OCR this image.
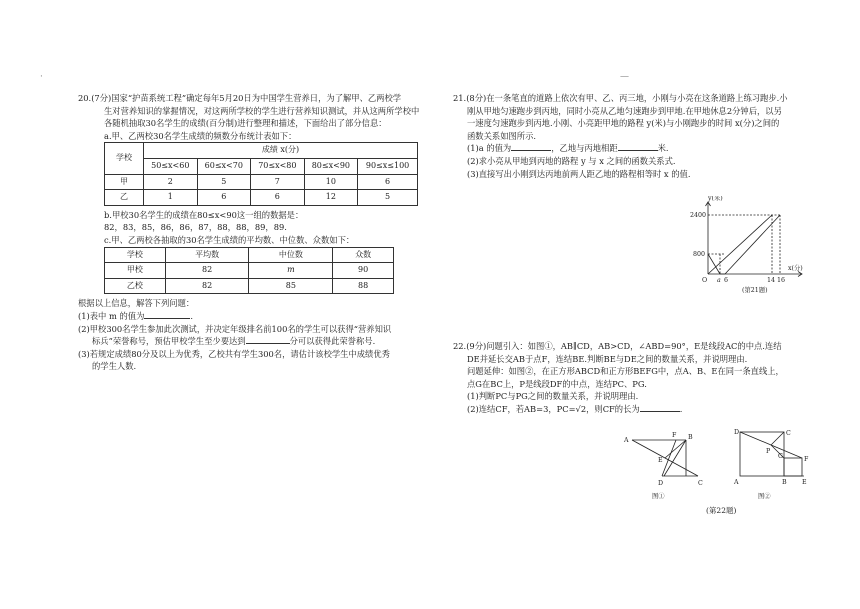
·	—

20.(7分)国家“护苗系统工程”确定每年5月20日为中国学生营养日，为了解甲、乙两校学

生对营养知识的掌握情况，对这两所学校的学生进行营养知识测试，并从这两所学校中

各随机抽取30名学生的成绩(百分制)进行整理和描述，下面给出了部分信息：

a.甲、乙两校30名学生成绩的频数分布统计表如下：

学校	成绩 x(分)				
	50≤x<60	60≤x<70	70≤x<80	80≤x<90	90≤x≤100
甲	2	5	7	10	6
乙	1	6	6	12	5

b.甲校30名学生的成绩在80≤x<90这一组的数据是：

82，83，85，86，86，87，88，88，89，89.

c.甲、乙两校各抽取的30名学生成绩的平均数、中位数、众数如下：

学校	平均数	中位数	众数
甲校	82	m	90
乙校	82	85	88

根据以上信息，解答下列问题：

(1)表中 m 的值为	.

(2)甲校300名学生参加此次测试，并决定年级排名前100名的学生可以获得“营养知识

标兵”荣誉称号，预估甲校学生至少要达到	分可以获得此荣誉称号.

(3)若规定成绩80分及以上为优秀，乙校共有学生300名，请估计该校学生中成绩优秀

的学生人数.

21.(8分)在一条笔直的道路上依次有甲、乙、丙三地，小刚与小亮在这条道路上练习跑步.小

刚从甲地匀速跑步到丙地，同时小亮从乙地匀速跑步到甲地.在甲地休息2分钟后，以另

一速度匀速跑步到丙地.小刚、小亮距甲地的路程 y(米)与小刚跑步的时间 x(分)之间的

函数关系如图所示.

(1)a 的值为	，乙地与丙地相距	米.

(2)求小亮从甲地到丙地的路程 y 与 x 之间的函数关系式.

(3)直接写出小刚到达丙地前两人距乙地的路程相等时 x 的值.

y(米)
x(分)
2400
800
O a 6	14 16
(第21题)

22.(9分)问题引入：如图①，AB∥CD，AB>CD，∠ABD=90°，E是线段AC的中点.连结

DE并延长交AB于点F，连结BE.判断BE与DE之间的数量关系，并说明理由.

问题延伸：如图②，在正方形ABCD和正方形BEFG中，点A、B、E在同一条直线上，

点G在BC上，P是线段DF的中点，连结PC、PG.

(1)判断PC与PG之间的数量关系，并说明理由.

(2)连结CF，若AB=3，PC=√2，则CF的长为	.

A	B
F
E
D	C
图①
D	C
P
G	F
A	B E
图②
(第22题)
